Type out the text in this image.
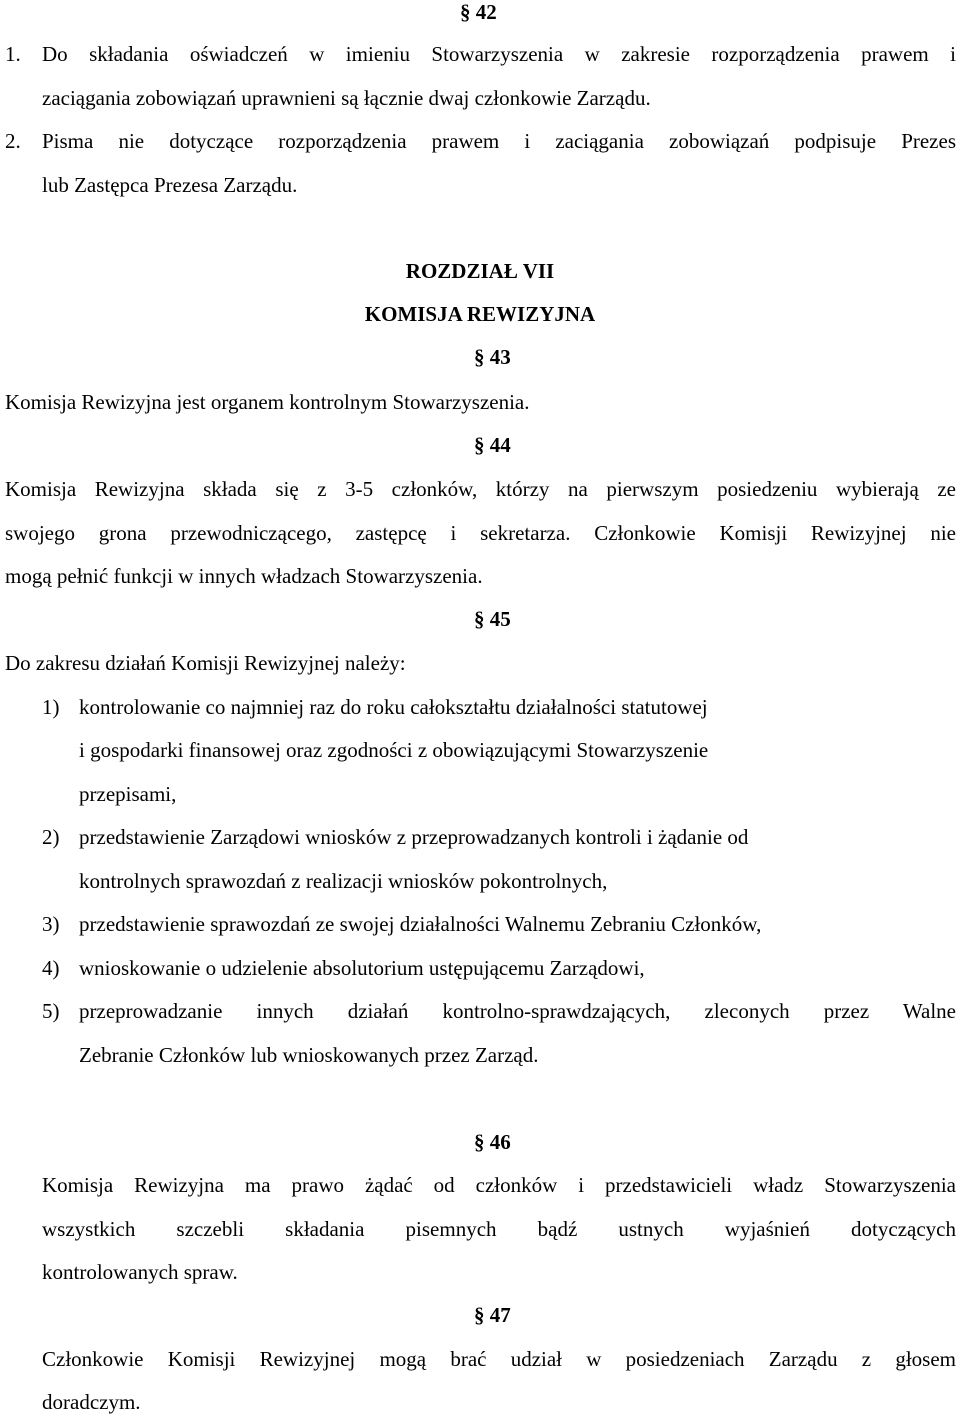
§ 42
1. Do składania oświadczeń w imieniu Stowarzyszenia w zakresie rozporządzenia prawem i
zaciągania zobowiązań uprawnieni są łącznie dwaj członkowie Zarządu.
2. Pisma nie dotyczące rozporządzenia prawem i zaciągania zobowiązań podpisuje Prezes
lub Zastępca Prezesa Zarządu.
ROZDZIAŁ VII
KOMISJA REWIZYJNA
§ 43
Komisja Rewizyjna jest organem kontrolnym Stowarzyszenia.
§ 44
Komisja Rewizyjna składa się z 3-5 członków, którzy na pierwszym posiedzeniu wybierają ze
swojego grona przewodniczącego, zastępcę i sekretarza. Członkowie Komisji Rewizyjnej nie
mogą pełnić funkcji w innych władzach Stowarzyszenia.
§ 45
Do zakresu działań Komisji Rewizyjnej należy:
1) kontrolowanie co najmniej raz do roku całokształtu działalności statutowej
i gospodarki finansowej oraz zgodności z obowiązującymi Stowarzyszenie
przepisami,
2) przedstawienie Zarządowi wniosków z przeprowadzanych kontroli i żądanie od
kontrolnych sprawozdań z realizacji wniosków pokontrolnych,
3) przedstawienie sprawozdań ze swojej działalności Walnemu Zebraniu Członków,
4) wnioskowanie o udzielenie absolutorium ustępującemu Zarządowi,
5) przeprowadzanie innych działań kontrolno-sprawdzających, zleconych przez Walne
Zebranie Członków lub wnioskowanych przez Zarząd.
§ 46
Komisja Rewizyjna ma prawo żądać od członków i przedstawicieli władz Stowarzyszenia
wszystkich szczebli składania pisemnych bądź ustnych wyjaśnień dotyczących
kontrolowanych spraw.
§ 47
Członkowie Komisji Rewizyjnej mogą brać udział w posiedzeniach Zarządu z głosem
doradczym.
